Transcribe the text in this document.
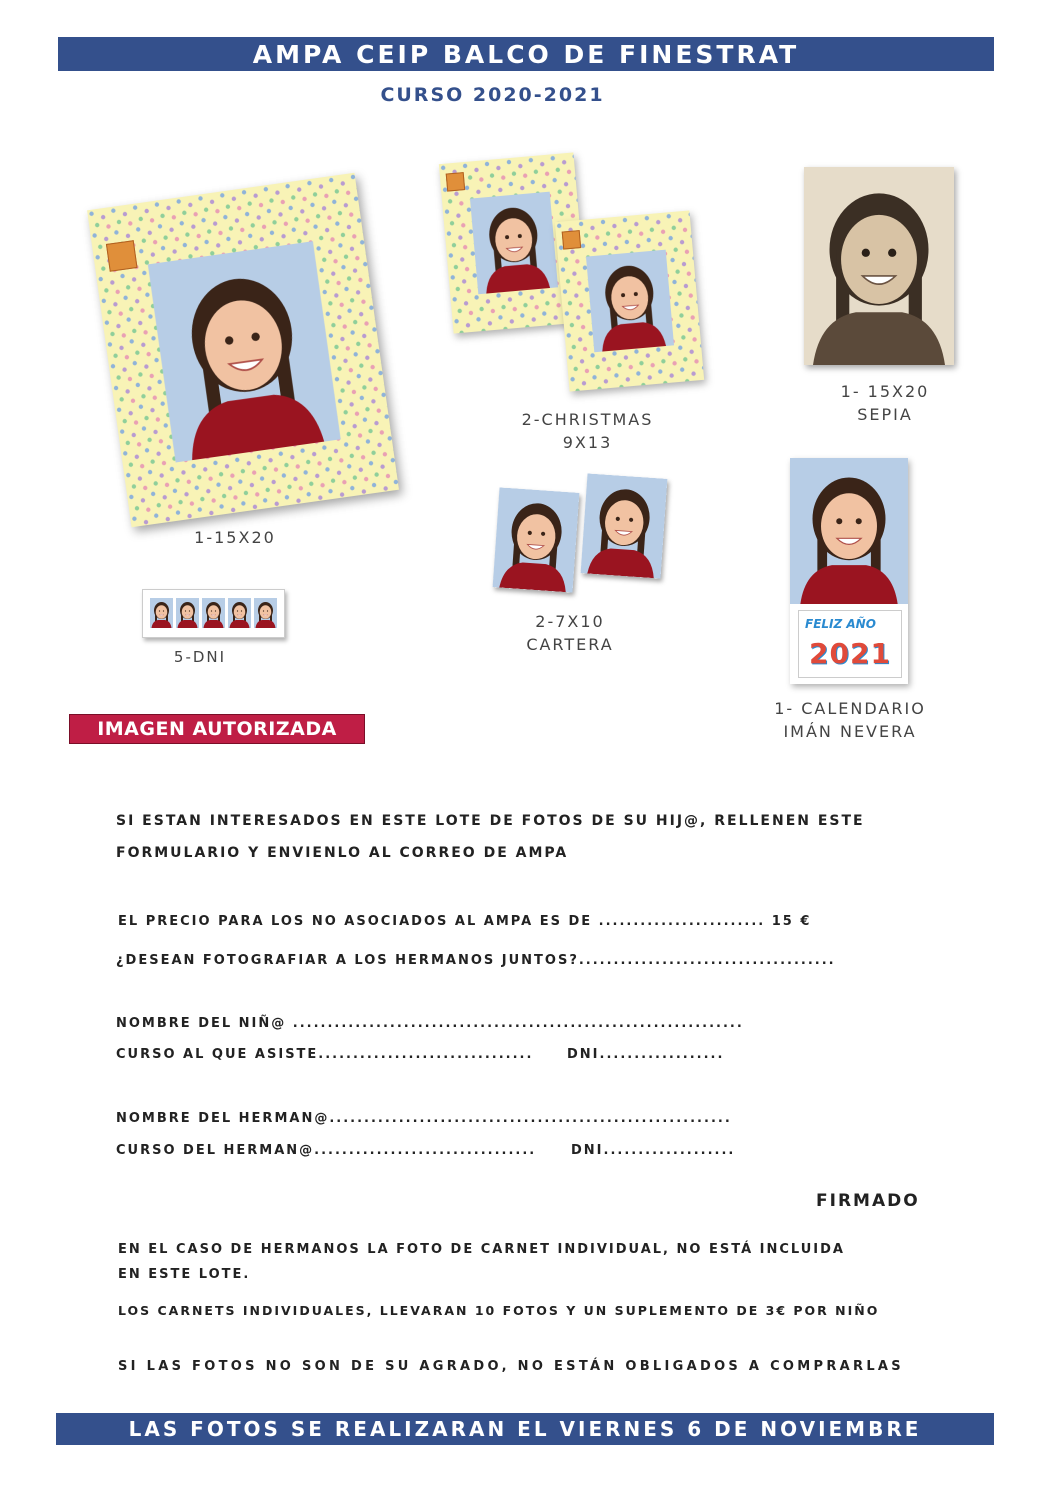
AMPA CEIP BALCO DE FINESTRAT
CURSO 2020-2021
1-15X20
2-CHRISTMAS
9X13
1- 15X20
SEPIA
2-7X10
CARTERA
5-DNI
FELIZ AÑO
2021
1- CALENDARIO
IMÁN NEVERA
IMAGEN AUTORIZADA
SI ESTAN INTERESADOS EN ESTE LOTE DE FOTOS DE SU HIJ@, RELLENEN ESTE
FORMULARIO Y ENVIENLO AL CORREO DE AMPA
EL PRECIO PARA LOS NO ASOCIADOS AL AMPA ES DE ........................ 15 €
¿DESEAN FOTOGRAFIAR A LOS HERMANOS JUNTOS?.....................................
NOMBRE DEL NIÑ@ .................................................................
CURSO AL QUE ASISTE...............................	DNI..................
NOMBRE DEL HERMAN@..........................................................
CURSO DEL HERMAN@................................	DNI...................
FIRMADO
EN EL CASO DE HERMANOS LA FOTO DE CARNET INDIVIDUAL, NO ESTÁ INCLUIDA
EN ESTE LOTE.
LOS CARNETS INDIVIDUALES, LLEVARAN 10 FOTOS Y UN SUPLEMENTO DE 3€ POR NIÑO
SI LAS FOTOS NO SON DE SU AGRADO, NO ESTÁN OBLIGADOS A COMPRARLAS
LAS FOTOS SE REALIZARAN EL VIERNES 6 DE NOVIEMBRE
